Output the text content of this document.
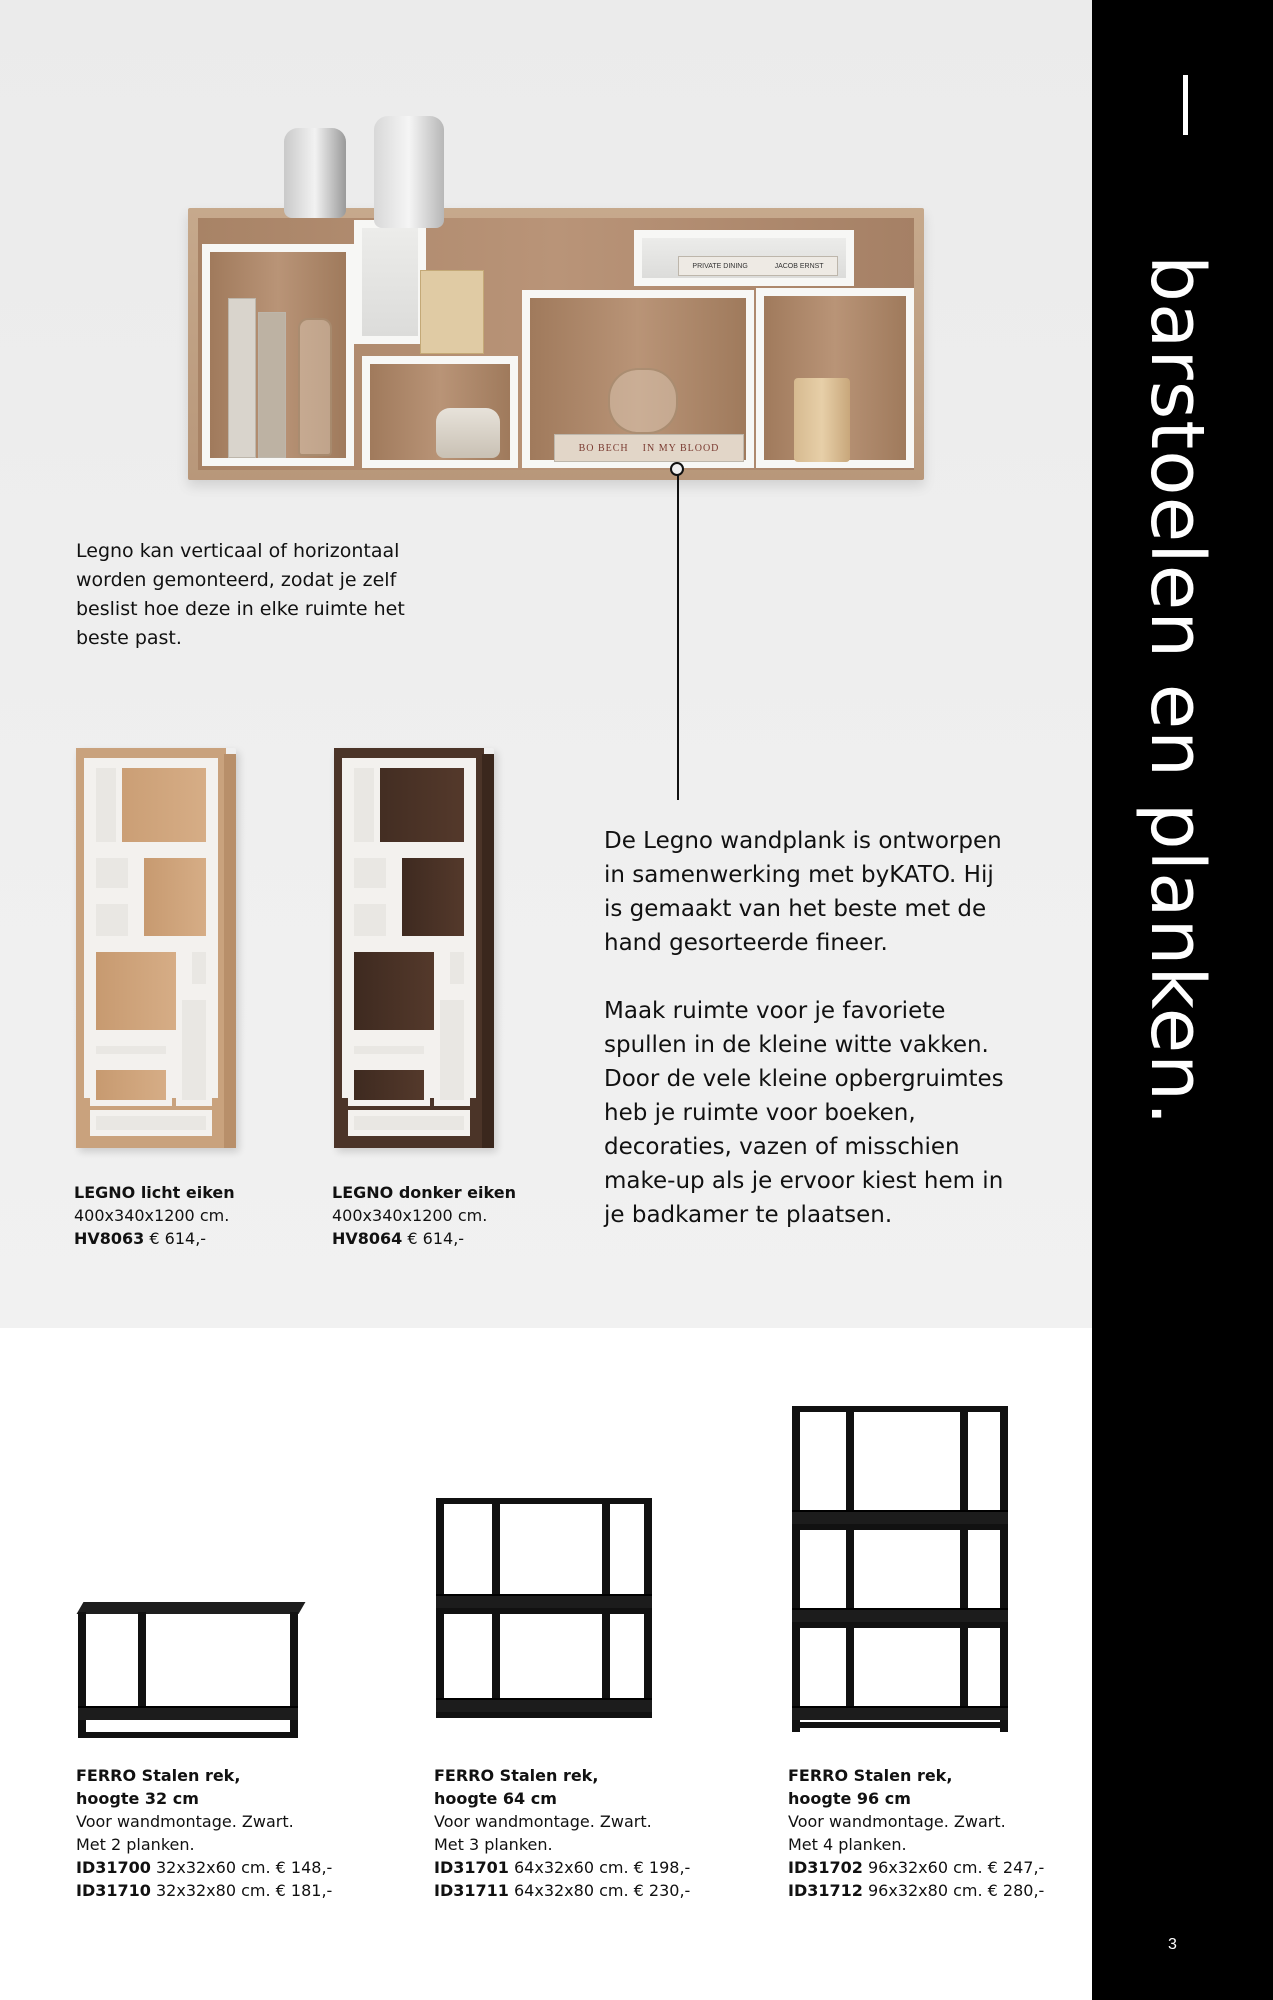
barstoelen en planken.
3
BO BECH IN MY BLOOD
PRIVATE DINING	JACOB ERNST
Legno kan verticaal of horizontaal
worden gemonteerd, zodat je zelf
beslist hoe deze in elke ruimte het
beste past.
LEGNO licht eiken
400x340x1200 cm.
HV8063 € 614,-
LEGNO donker eiken
400x340x1200 cm.
HV8064 € 614,-

De Legno wandplank is ontworpen
in samenwerking met byKATO. Hij
is gemaakt van het beste met de
hand gesorteerde fineer.

Maak ruimte voor je favoriete
spullen in de kleine witte vakken.
Door de vele kleine opbergruimtes
heb je ruimte voor boeken,
decoraties, vazen of misschien
make-up als je ervoor kiest hem in
je badkamer te plaatsen.

FERRO Stalen rek,
hoogte 32 cm
Voor wandmontage. Zwart.
Met 2 planken.
ID31700 32x32x60 cm. € 148,-
ID31710 32x32x80 cm. € 181,-
FERRO Stalen rek,
hoogte 64 cm
Voor wandmontage. Zwart.
Met 3 planken.
ID31701 64x32x60 cm. € 198,-
ID31711 64x32x80 cm. € 230,-
FERRO Stalen rek,
hoogte 96 cm
Voor wandmontage. Zwart.
Met 4 planken.
ID31702 96x32x60 cm. € 247,-
ID31712 96x32x80 cm. € 280,-
